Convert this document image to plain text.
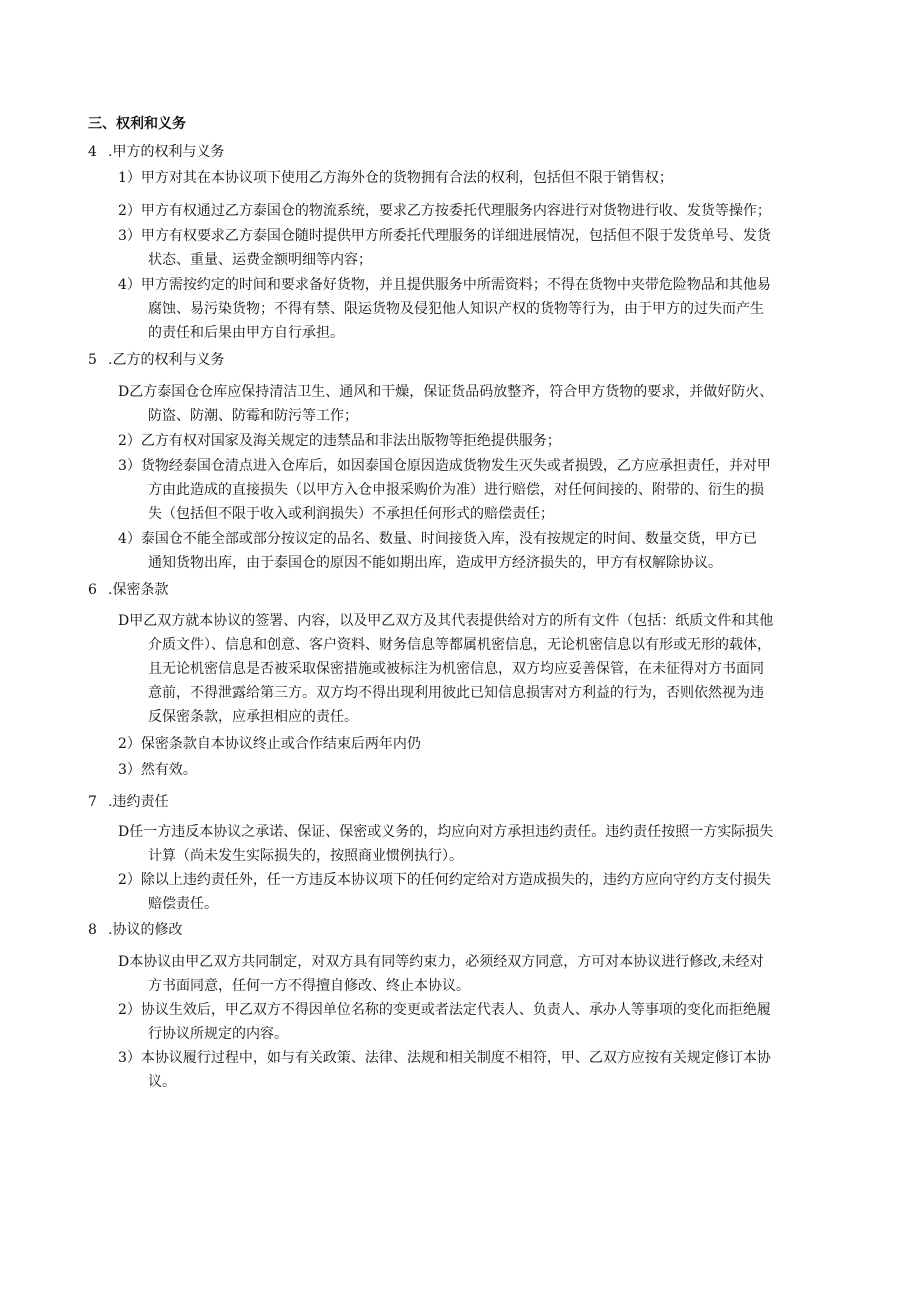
三、权利和义务
4 .甲方的权利与义务
1）甲方对其在本协议项下使用乙方海外仓的货物拥有合法的权利，包括但不限于销售权；
2）甲方有权通过乙方泰国仓的物流系统，要求乙方按委托代理服务内容进行对货物进行收、发货等操作；
3）甲方有权要求乙方泰国仓随时提供甲方所委托代理服务的详细进展情况，包括但不限于发货单号、发货
状态、重量、运费金额明细等内容；
4）甲方需按约定的时间和要求备好货物，并且提供服务中所需资料；不得在货物中夹带危险物品和其他易
腐蚀、易污染货物；不得有禁、限运货物及侵犯他人知识产权的货物等行为，由于甲方的过失而产生
的责任和后果由甲方自行承担。
5 .乙方的权利与义务
D乙方泰国仓仓库应保持清洁卫生、通风和干燥，保证货品码放整齐，符合甲方货物的要求，并做好防火、
防盗、防潮、防霉和防污等工作；
2）乙方有权对国家及海关规定的违禁品和非法出版物等拒绝提供服务；
3）货物经泰国仓清点进入仓库后，如因泰国仓原因造成货物发生灭失或者损毁，乙方应承担责任，并对甲
方由此造成的直接损失（以甲方入仓申报采购价为准）进行赔偿，对任何间接的、附带的、衍生的损
失（包括但不限于收入或利润损失）不承担任何形式的赔偿责任；
4）泰国仓不能全部或部分按议定的品名、数量、时间接货入库，没有按规定的时间、数量交货，甲方已
通知货物出库，由于泰国仓的原因不能如期出库，造成甲方经济损失的，甲方有权解除协议。
6 .保密条款
D甲乙双方就本协议的签署、内容，以及甲乙双方及其代表提供给对方的所有文件（包括：纸质文件和其他
介质文件）、信息和创意、客户资料、财务信息等都属机密信息，无论机密信息以有形或无形的载体，
且无论机密信息是否被采取保密措施或被标注为机密信息，双方均应妥善保管，在未征得对方书面同
意前，不得泄露给第三方。双方均不得出现利用彼此已知信息损害对方利益的行为，否则依然视为违
反保密条款，应承担相应的责任。
2）保密条款自本协议终止或合作结束后两年内仍
3）然有效。
7 .违约责任
D任一方违反本协议之承诺、保证、保密或义务的，均应向对方承担违约责任。违约责任按照一方实际损失
计算（尚未发生实际损失的，按照商业惯例执行）。
2）除以上违约责任外，任一方违反本协议项下的任何约定给对方造成损失的，违约方应向守约方支付损失
赔偿责任。
8 .协议的修改
D本协议由甲乙双方共同制定，对双方具有同等约束力，必须经双方同意，方可对本协议进行修改,未经对
方书面同意，任何一方不得擅自修改、终止本协议。
2）协议生效后，甲乙双方不得因单位名称的变更或者法定代表人、负责人、承办人等事项的变化而拒绝履
行协议所规定的内容。
3）本协议履行过程中，如与有关政策、法律、法规和相关制度不相符，甲、乙双方应按有关规定修订本协
议。
